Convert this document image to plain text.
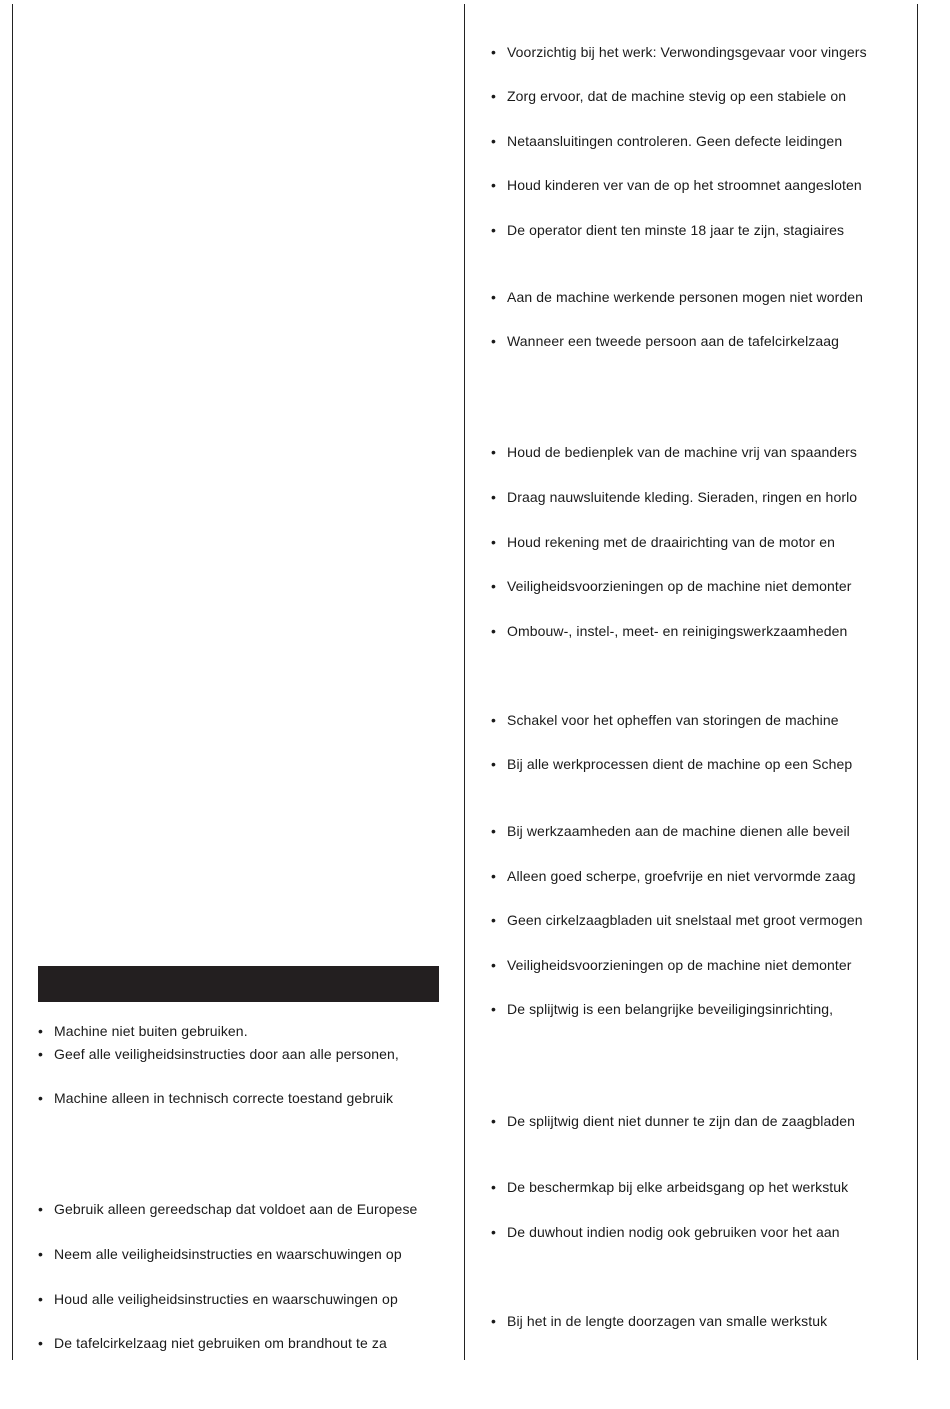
• Machine niet buiten gebruiken.
• Geef alle veiligheidsinstructies door aan alle personen,
• Machine alleen in technisch correcte toestand gebruik
• Gebruik alleen gereedschap dat voldoet aan de Europese
• Neem alle veiligheidsinstructies en waarschuwingen op
• Houd alle veiligheidsinstructies en waarschuwingen op
• De tafelcirkelzaag niet gebruiken om brandhout te za
• Voorzichtig bij het werk: Verwondingsgevaar voor vingers
• Zorg ervoor, dat de machine stevig op een stabiele on
• Netaansluitingen controleren. Geen defecte leidingen
• Houd kinderen ver van de op het stroomnet aangesloten
• De operator dient ten minste 18 jaar te zijn, stagiaires
• Aan de machine werkende personen mogen niet worden
• Wanneer een tweede persoon aan de tafelcirkelzaag
• Houd de bedienplek van de machine vrij van spaanders
• Draag nauwsluitende kleding. Sieraden, ringen en horlo
• Houd rekening met de draairichting van de motor en
• Veiligheidsvoorzieningen op de machine niet demonter
• Ombouw-, instel-, meet- en reinigingswerkzaamheden
• Schakel voor het opheffen van storingen de machine
• Bij alle werkprocessen dient de machine op een Schep
• Bij werkzaamheden aan de machine dienen alle beveil
• Alleen goed scherpe, groefvrije en niet vervormde zaag
• Geen cirkelzaagbladen uit snelstaal met groot vermogen
• Veiligheidsvoorzieningen op de machine niet demonter
• De splijtwig is een belangrijke beveiligingsinrichting,
• De splijtwig dient niet dunner te zijn dan de zaagbladen
• De beschermkap bij elke arbeidsgang op het werkstuk
• De duwhout indien nodig ook gebruiken voor het aan
• Bij het in de lengte doorzagen van smalle werkstuk
